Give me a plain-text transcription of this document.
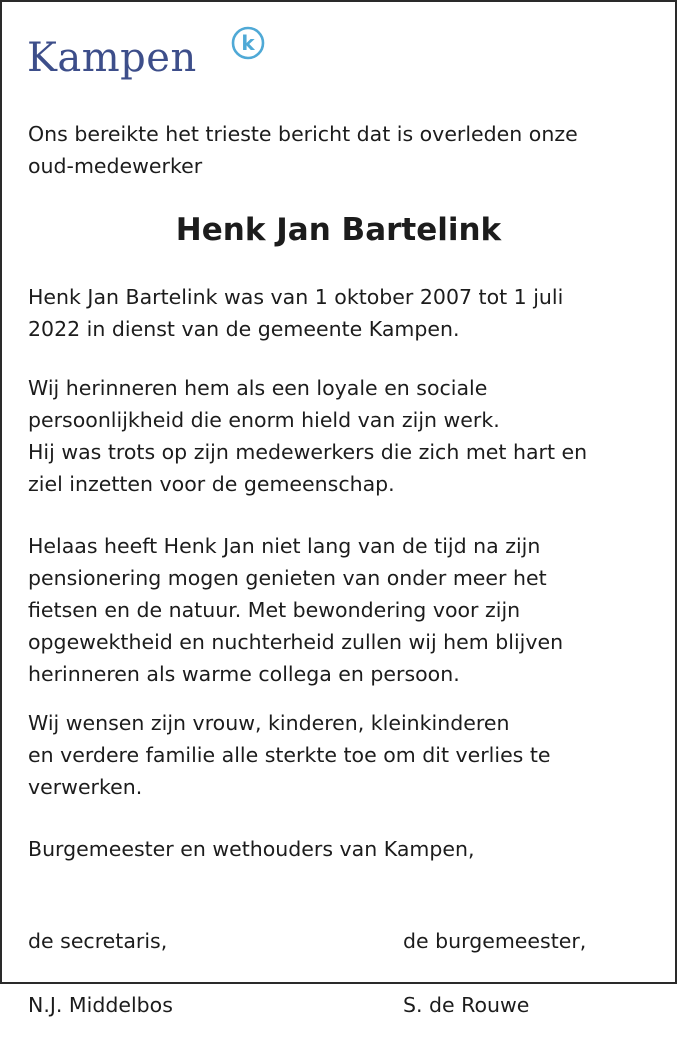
Kampen k

Ons bereikte het trieste bericht dat is overleden onze
oud-medewerker

Henk Jan Bartelink

Henk Jan Bartelink was van 1 oktober 2007 tot 1 juli
2022 in dienst van de gemeente Kampen.

Wij herinneren hem als een loyale en sociale
persoonlijkheid die enorm hield van zijn werk.
Hij was trots op zijn medewerkers die zich met hart en
ziel inzetten voor de gemeenschap.

Helaas heeft Henk Jan niet lang van de tijd na zijn
pensionering mogen genieten van onder meer het
fietsen en de natuur. Met bewondering voor zijn
opgewektheid en nuchterheid zullen wij hem blijven
herinneren als warme collega en persoon.

Wij wensen zijn vrouw, kinderen, kleinkinderen
en verdere familie alle sterkte toe om dit verlies te
verwerken.

Burgemeester en wethouders van Kampen,

de secretaris,

N.J. Middelbos

de burgemeester,

S. de Rouwe
